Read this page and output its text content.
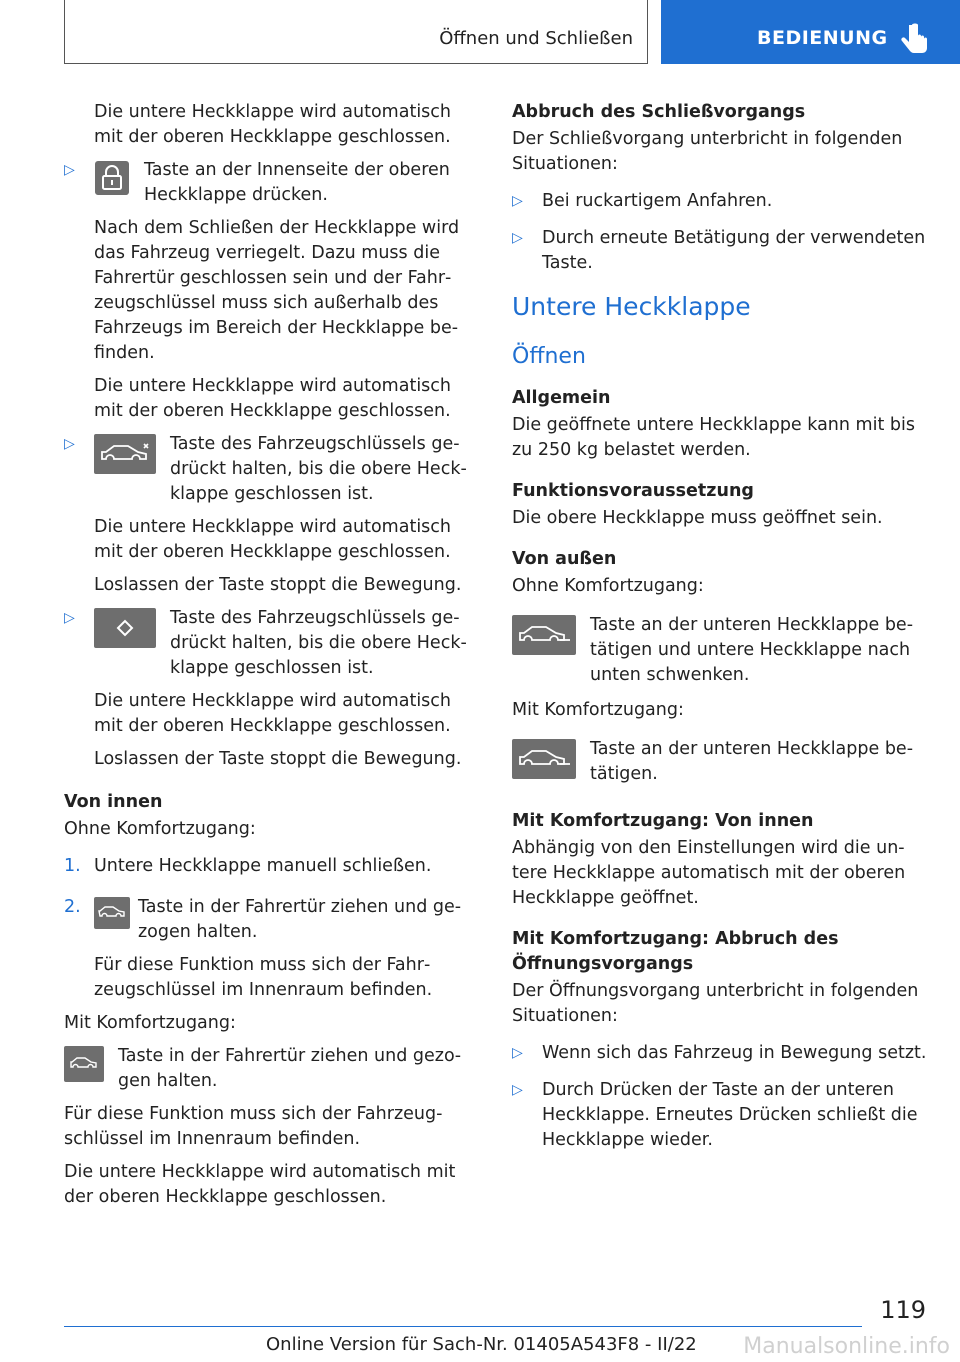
Öffnen und Schließen	BEDIENUNG

Die untere Heckklappe wird automatisch mit der oberen Heckklappe geschlossen.

▷	Taste an der Innenseite der oberen Heckklappe drücken.

Nach dem Schließen der Heckklappe wird das Fahrzeug verriegelt. Dazu muss die Fahrertür geschlossen sein und der Fahrzeugschlüssel muss sich außerhalb des Fahrzeugs im Bereich der Heckklappe befinden.

Die untere Heckklappe wird automatisch mit der oberen Heckklappe geschlossen.

▷	Taste des Fahrzeugschlüssels gedrückt halten, bis die obere Heckklappe geschlossen ist.

Die untere Heckklappe wird automatisch mit der oberen Heckklappe geschlossen.

Loslassen der Taste stoppt die Bewegung.

▷	Taste des Fahrzeugschlüssels gedrückt halten, bis die obere Heckklappe geschlossen ist.

Die untere Heckklappe wird automatisch mit der oberen Heckklappe geschlossen.

Loslassen der Taste stoppt die Bewegung.

Von innen

Ohne Komfortzugang:

1. Untere Heckklappe manuell schließen.

2.	Taste in der Fahrertür ziehen und gezogen halten.

Für diese Funktion muss sich der Fahrzeugschlüssel im Innenraum befinden.

Mit Komfortzugang:

Taste in der Fahrertür ziehen und gezogen halten.

Für diese Funktion muss sich der Fahrzeugschlüssel im Innenraum befinden.

Die untere Heckklappe wird automatisch mit der oberen Heckklappe geschlossen.

Abbruch des Schließvorgangs

Der Schließvorgang unterbricht in folgenden Situationen:

▷ Bei ruckartigem Anfahren.

▷ Durch erneute Betätigung der verwendeten Taste.

Untere Heckklappe
Öffnen
Allgemein

Die geöffnete untere Heckklappe kann mit bis zu 250 kg belastet werden.

Funktionsvoraussetzung

Die obere Heckklappe muss geöffnet sein.

Von außen

Ohne Komfortzugang:

Taste an der unteren Heckklappe betätigen und untere Heckklappe nach unten schwenken.

Mit Komfortzugang:

Taste an der unteren Heckklappe betätigen.

Mit Komfortzugang: Von innen

Abhängig von den Einstellungen wird die untere Heckklappe automatisch mit der oberen Heckklappe geöffnet.

Mit Komfortzugang: Abbruch des Öffnungsvorgangs

Der Öffnungsvorgang unterbricht in folgenden Situationen:

▷ Wenn sich das Fahrzeug in Bewegung setzt.

▷ Durch Drücken der Taste an der unteren Heckklappe. Erneutes Drücken schließt die Heckklappe wieder.

119
Online Version für Sach-Nr. 01405A543F8 - II/22 Manualsonline.info
